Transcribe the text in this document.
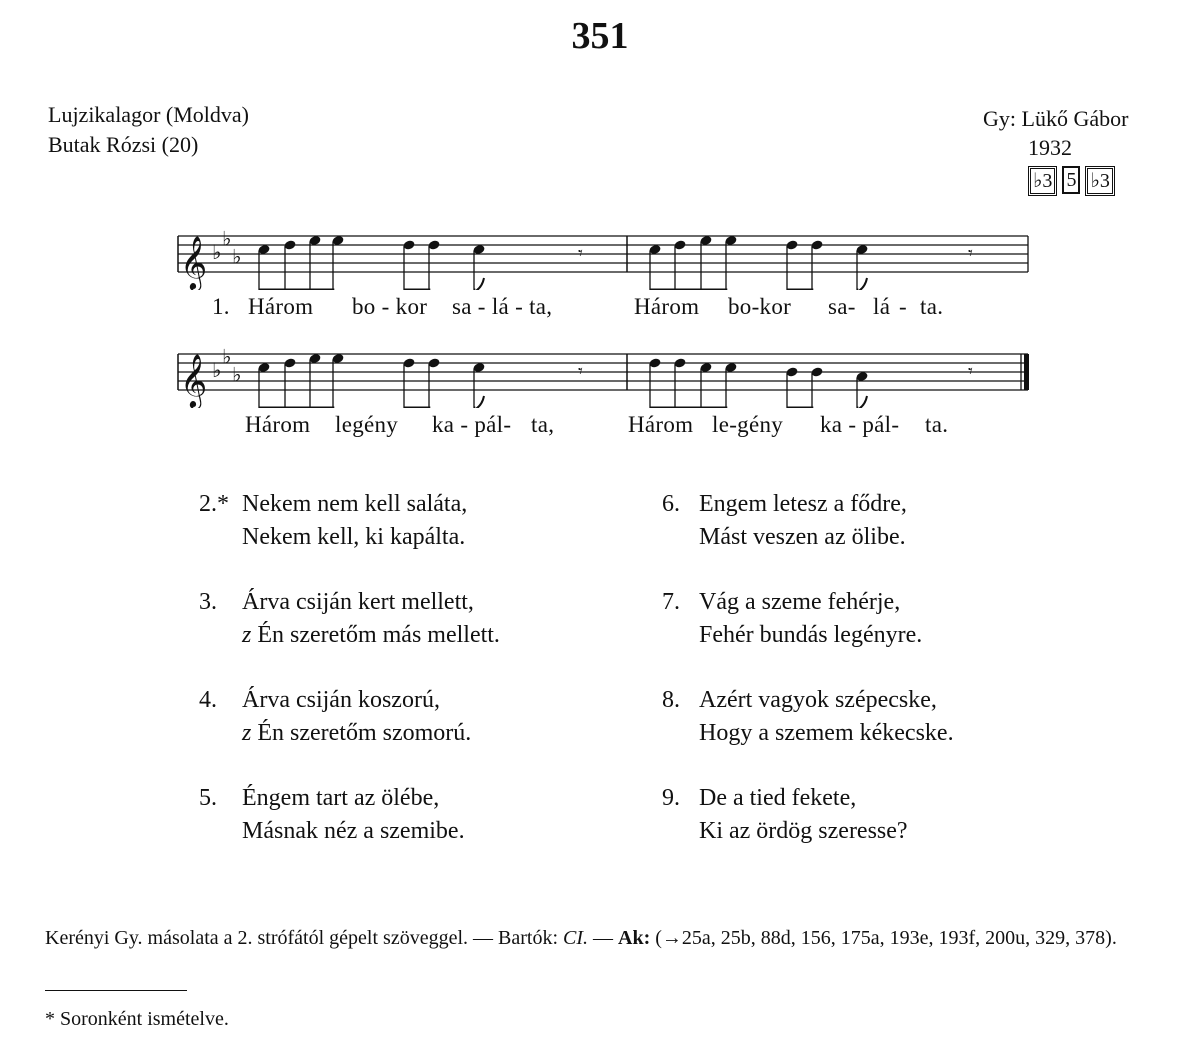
351
Lujzikalagor (Moldva)
Butak Rózsi (20)
Gy: Lükő Gábor
1932
♭3 5 ♭3
𝄞 ♭
♭
♭	𝄾	𝄾
1. Három bo - kor sa - lá - ta,	Három bo-kor sa- lá - ta.
𝄞 ♭
♭
♭	𝄾	𝄾
Három legény ka - pál- ta,	Három le-gény ka - pál- ta.
2.* Nekem nem kell saláta,
Nekem kell, ki kapálta.
3. Árva csiján kert mellett,
z Én szeretőm más mellett.
4. Árva csiján koszorú,
z Én szeretőm szomorú.
5. Éngem tart az ölébe,
Másnak néz a szemibe.
6. Engem letesz a fődre,
Mást veszen az ölibe.
7. Vág a szeme fehérje,
Fehér bundás legényre.
8. Azért vagyok szépecske,
Hogy a szemem kékecske.
9. De a tied fekete,
Ki az ördög szeresse?
Kerényi Gy. másolata a 2. strófától gépelt szöveggel. — Bartók: CI. — Ak: (→25a, 25b, 88d, 156, 175a, 193e, 193f, 200u, 329, 378).
* Soronként ismételve.
